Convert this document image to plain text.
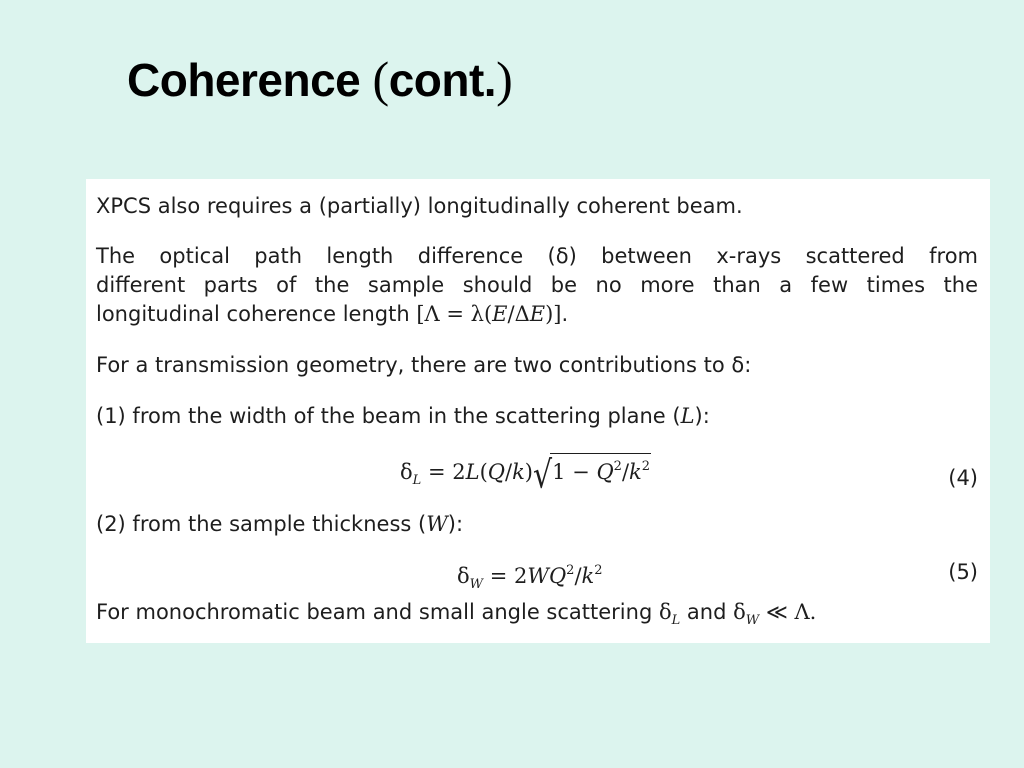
Coherence (cont.)

XPCS also requires a (partially) longitudinally coherent beam.

The optical path length difference (δ) between x-rays scattered from

different parts of the sample should be no more than a few times the

longitudinal coherence length [Λ = λ(E/ΔE)].

For a transmission geometry, there are two contributions to δ:

(1) from the width of the beam in the scattering plane (L):

$\delta_L = 2L(Q/k)√1 - Q^2/k^2$	(4)

(2) from the sample thickness (W):

$\delta_W = 2WQ^2/k^2$	(5)

For monochromatic beam and small angle scattering $\delta_L$ and $\delta_W$ ≪ Λ.
